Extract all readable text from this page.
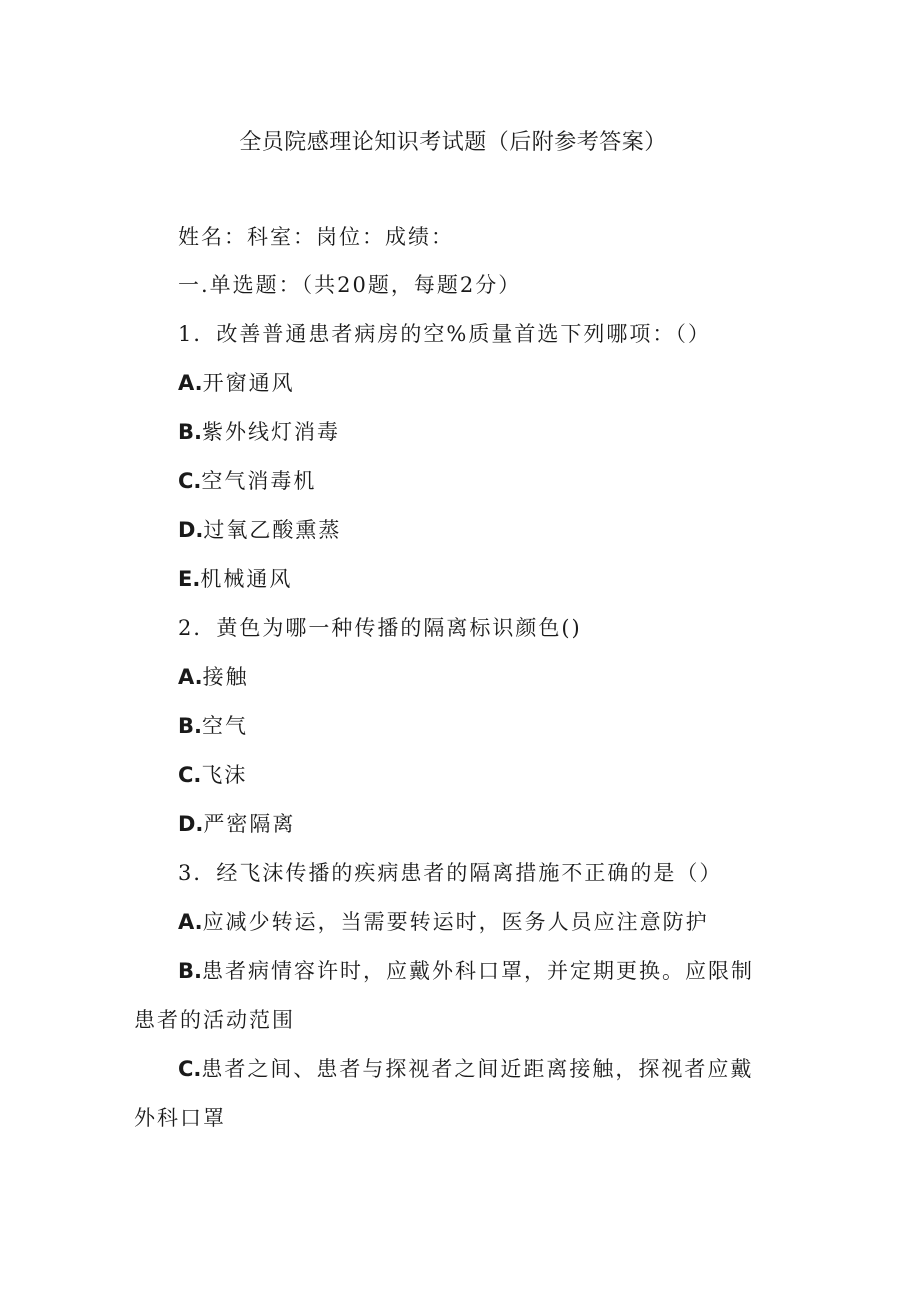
全员院感理论知识考试题（后附参考答案）
姓名：科室：岗位：成绩：
一.单选题：（共20题，每题2分）
1．改善普通患者病房的空%质量首选下列哪项：（）
A.开窗通风
B.紫外线灯消毒
C.空气消毒机
D.过氧乙酸熏蒸
E.机械通风
2．黄色为哪一种传播的隔离标识颜色()
A.接触
B.空气
C.飞沫
D.严密隔离
3．经飞沫传播的疾病患者的隔离措施不正确的是（）
A.应减少转运，当需要转运时，医务人员应注意防护
B.患者病情容许时，应戴外科口罩，并定期更换。应限制
患者的活动范围
C.患者之间、患者与探视者之间近距离接触，探视者应戴
外科口罩
